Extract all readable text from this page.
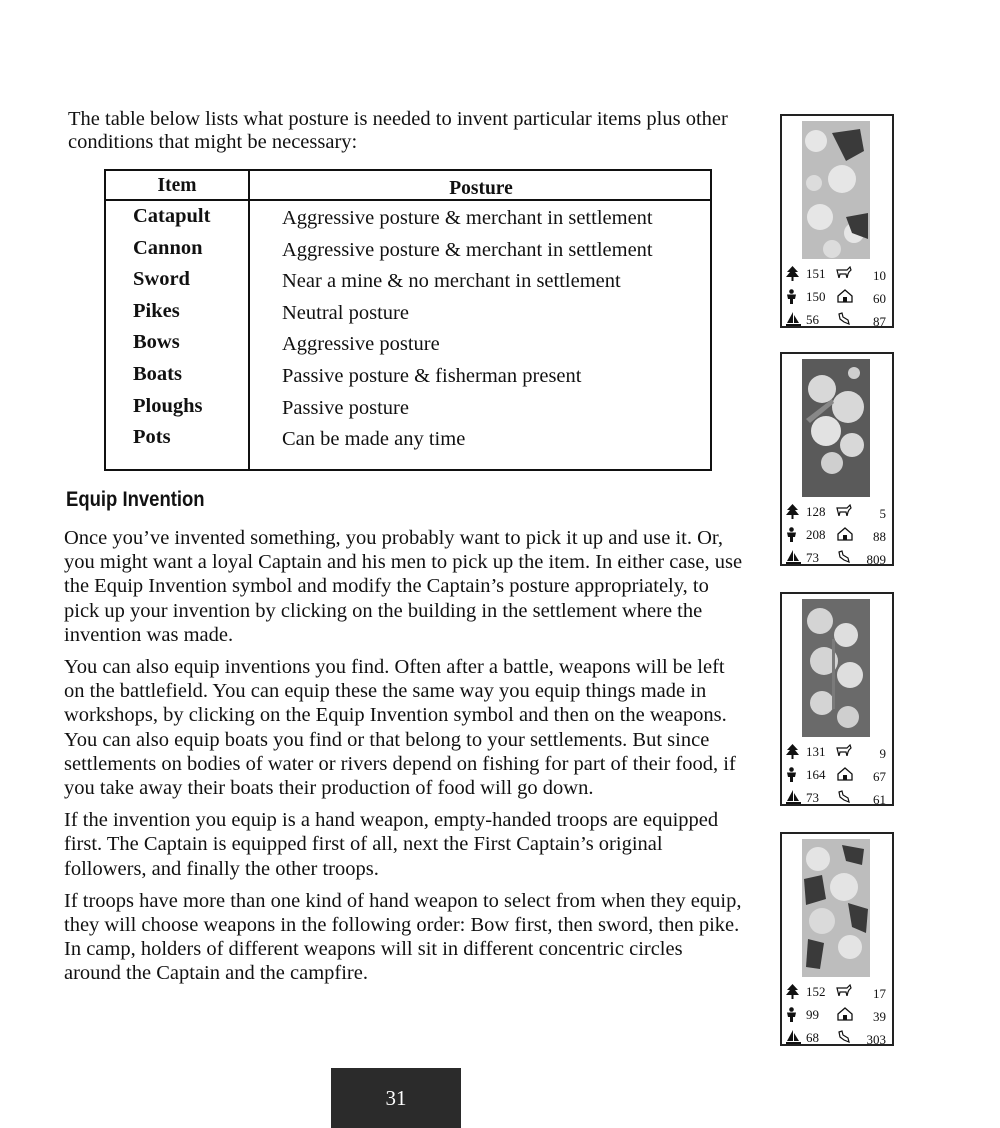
The table below lists what posture is needed to invent particular items plus other conditions that might be necessary:

Item	Posture
Catapult	Aggressive posture & merchant in settlement
Cannon	Aggressive posture & merchant in settlement
Sword	Near a mine & no merchant in settlement
Pikes	Neutral posture
Bows	Aggressive posture
Boats	Passive posture & fisherman present
Ploughs	Passive posture
Pots	Can be made any time
Equip Invention

Once you’ve invented something, you probably want to pick it up and use it. Or, you might want a loyal Captain and his men to pick up the item. In either case, use the Equip Invention symbol and modify the Captain’s posture appropriately, to pick up your invention by clicking on the building in the settlement where the invention was made.

You can also equip inventions you find. Often after a battle, weapons will be left on the battlefield. You can equip these the same way you equip things made in workshops, by clicking on the Equip Invention symbol and then on the weapons. You can also equip boats you find or that belong to your settlements. But since settlements on bodies of water or rivers depend on fishing for part of their food, if you take away their boats their production of food will go down.

If the invention you equip is a hand weapon, empty-handed troops are equipped first. The Captain is equipped first of all, next the First Captain’s original followers, and finally the other troops.

If troops have more than one kind of hand weapon to select from when they equip, they will choose weapons in the following order: Bow first, then sword, then pike. In camp, holders of different weapons will sit in different concentric circles around the Captain and the campfire.

31
151	10
150	60
56	87
128	5
208	88
73	809
131	9
164	67
73	61
152	17
99	39
68	303
